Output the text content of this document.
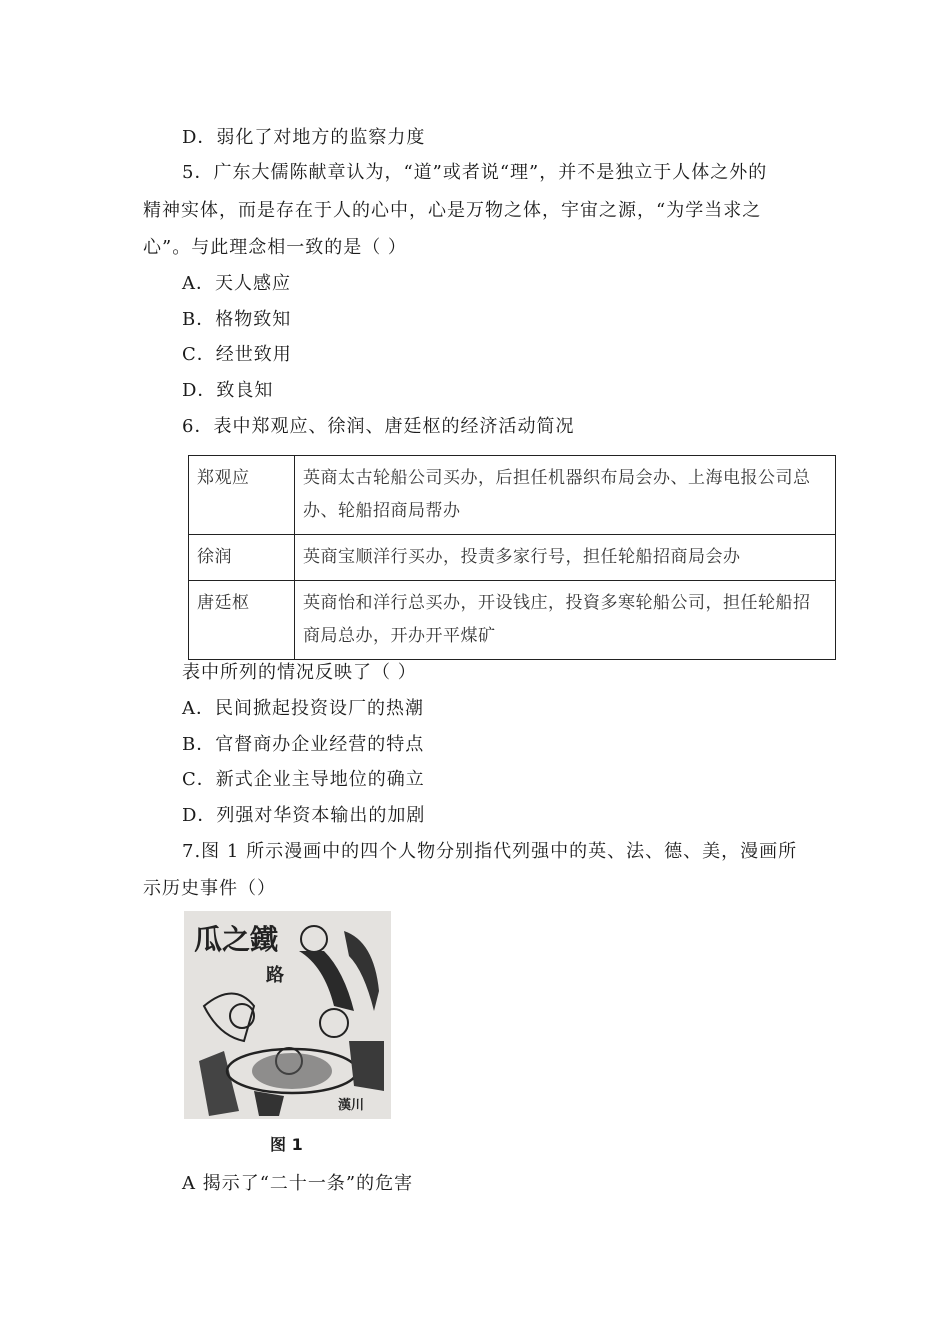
D．弱化了对地方的监察力度
5．广东大儒陈献章认为，“道”或者说“理”，并不是独立于人体之外的
精神实体，而是存在于人的心中，心是万物之体，宇宙之源，“为学当求之
心”。与此理念相一致的是（ ）
A．天人感应
B．格物致知
C．经世致用
D．致良知
6．表中郑观应、徐润、唐廷枢的经济活动简况
郑观应	英商太古轮船公司买办，后担任机器织布局会办、上海电报公司总
办、轮船招商局帮办
徐润	英商宝顺洋行买办，投责多家行号，担任轮船招商局会办
唐廷枢	英商怡和洋行总买办，开设钱庄，投資多寒轮船公司，担任轮船招
商局总办，开办开平煤矿
表中所列的情况反映了（ ）
A．民间掀起投资设厂的热潮
B．官督商办企业经营的特点
C．新式企业主导地位的确立
D．列强对华资本输出的加剧
7.图 1 所示漫画中的四个人物分别指代列强中的英、法、德、美，漫画所
示历史事件（）
瓜之鐵
路
漢川
图 1
A 揭示了“二十一条”的危害
